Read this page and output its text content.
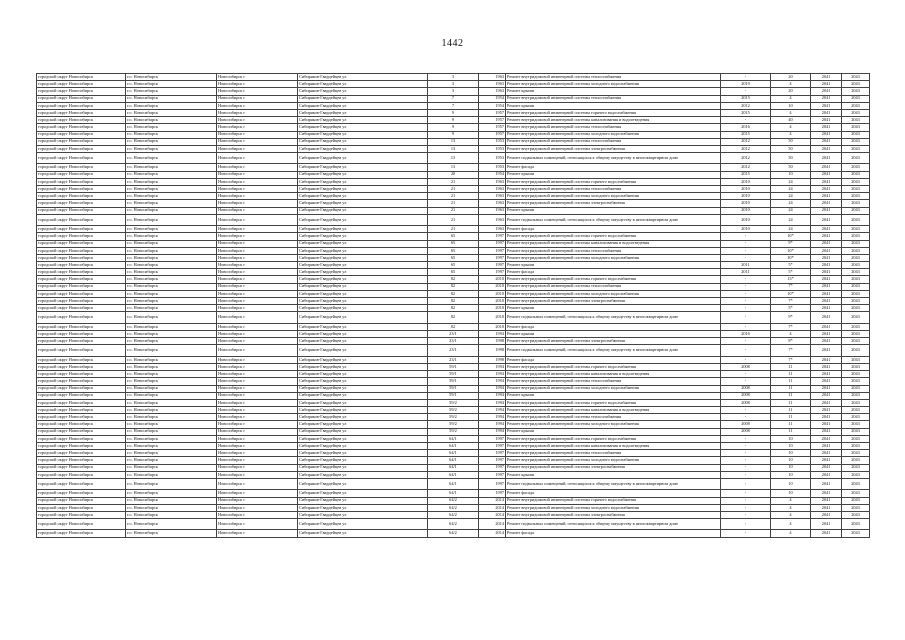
1442
городской округ Новосибирск	г.о. Новосибирск	Новосибирск г	Сибиряков-Гвардейцев ул	3	1963	Ремонт внутридомовой инженерной системы теплоснабжения	-	20	2041	2043
городской округ Новосибирск	г.о. Новосибирск	Новосибирск г	Сибиряков-Гвардейцев ул	3	1963	Ремонт внутридомовой инженерной системы холодного водоснабжения	2019	4	2041	2043
городской округ Новосибирск	г.о. Новосибирск	Новосибирск г	Сибиряков-Гвардейцев ул	3	1963	Ремонт крыши	-	20	2041	2043
городской округ Новосибирск	г.о. Новосибирск	Новосибирск г	Сибиряков-Гвардейцев ул	7	1954	Ремонт внутридомовой инженерной системы теплоснабжения	2015	4	2041	2043
городской округ Новосибирск	г.о. Новосибирск	Новосибирск г	Сибиряков-Гвардейцев ул	7	1954	Ремонт крыши	2012	10	2041	2043
городской округ Новосибирск	г.о. Новосибирск	Новосибирск г	Сибиряков-Гвардейцев ул	9	1957	Ремонт внутридомовой инженерной системы горячего водоснабжения	2015	4	2041	2043
городской округ Новосибирск	г.о. Новосибирск	Новосибирск г	Сибиряков-Гвардейцев ул	9	1957	Ремонт внутридомовой инженерной системы канализования и водоотведения	-	40	2041	2043
городской округ Новосибирск	г.о. Новосибирск	Новосибирск г	Сибиряков-Гвардейцев ул	9	1957	Ремонт внутридомовой инженерной системы теплоснабжения	2016	4	2041	2043
городской округ Новосибирск	г.о. Новосибирск	Новосибирск г	Сибиряков-Гвардейцев ул	9	1957	Ремонт внутридомовой инженерной системы холодного водоснабжения	2015	4	2041	2043
городской округ Новосибирск	г.о. Новосибирск	Новосибирск г	Сибиряков-Гвардейцев ул	13	1953	Ремонт внутридомовой инженерной системы теплоснабжения	2012	50	2041	2043
городской округ Новосибирск	г.о. Новосибирск	Новосибирск г	Сибиряков-Гвардейцев ул	13	1953	Ремонт внутридомовой инженерной системы электроснабжения	2012	50	2041	2043
городской округ Новосибирск	г.о. Новосибирск	Новосибирск г	Сибиряков-Гвардейцев ул	13	1953	Ремонт подвальных помещений, относящихся к общему имуществу в многоквартирном доме	2012	50	2041	2043
городской округ Новосибирск	г.о. Новосибирск	Новосибирск г	Сибиряков-Гвардейцев ул	13	1953	Ремонт фасада	2012	50	2041	2043
городской округ Новосибирск	г.о. Новосибирск	Новосибирск г	Сибиряков-Гвардейцев ул	20	1954	Ремонт крыши	2015	10	2041	2043
городской округ Новосибирск	г.о. Новосибирск	Новосибирск г	Сибиряков-Гвардейцев ул	21	1963	Ремонт внутридомовой инженерной системы горячего водоснабжения	2010	24	2041	2043
городской округ Новосибирск	г.о. Новосибирск	Новосибирск г	Сибиряков-Гвардейцев ул	21	1963	Ремонт внутридомовой инженерной системы теплоснабжения	2010	24	2041	2043
городской округ Новосибирск	г.о. Новосибирск	Новосибирск г	Сибиряков-Гвардейцев ул	21	1963	Ремонт внутридомовой инженерной системы холодного водоснабжения	2010	24	2041	2043
городской округ Новосибирск	г.о. Новосибирск	Новосибирск г	Сибиряков-Гвардейцев ул	21	1963	Ремонт внутридомовой инженерной системы электроснабжения	2010	24	2041	2043
городской округ Новосибирск	г.о. Новосибирск	Новосибирск г	Сибиряков-Гвардейцев ул	21	1963	Ремонт крыши	2010	24	2041	2043
городской округ Новосибирск	г.о. Новосибирск	Новосибирск г	Сибиряков-Гвардейцев ул	21	1963	Ремонт подвальных помещений, относящихся к общему имуществу в многоквартирном доме	2010	24	2041	2043
городской округ Новосибирск	г.о. Новосибирск	Новосибирск г	Сибиряков-Гвардейцев ул	21	1963	Ремонт фасада	2010	24	2041	2043
городской округ Новосибирск	г.о. Новосибирск	Новосибирск г	Сибиряков-Гвардейцев ул	65	1997	Ремонт внутридомовой инженерной системы горячего водоснабжения	-	10*	2041	2043
городской округ Новосибирск	г.о. Новосибирск	Новосибирск г	Сибиряков-Гвардейцев ул	65	1997	Ремонт внутридомовой инженерной системы канализования и водоотведения	-	9*	2041	2043
городской округ Новосибирск	г.о. Новосибирск	Новосибирск г	Сибиряков-Гвардейцев ул	65	1997	Ремонт внутридомовой инженерной системы теплоснабжения	-	10*	2041	2043
городской округ Новосибирск	г.о. Новосибирск	Новосибирск г	Сибиряков-Гвардейцев ул	65	1997	Ремонт внутридомовой инженерной системы холодного водоснабжения	-	10*	2041	2043
городской округ Новосибирск	г.о. Новосибирск	Новосибирск г	Сибиряков-Гвардейцев ул	65	1997	Ремонт крыши	2011	5*	2041	2043
городской округ Новосибирск	г.о. Новосибирск	Новосибирск г	Сибиряков-Гвардейцев ул	65	1997	Ремонт фасада	2011	5*	2041	2043
городской округ Новосибирск	г.о. Новосибирск	Новосибирск г	Сибиряков-Гвардейцев ул	82	2010	Ремонт внутридомовой инженерной системы горячего водоснабжения	-	13*	2041	2043
городской округ Новосибирск	г.о. Новосибирск	Новосибирск г	Сибиряков-Гвардейцев ул	82	2010	Ремонт внутридомовой инженерной системы теплоснабжения	-	7*	2041	2043
городской округ Новосибирск	г.о. Новосибирск	Новосибирск г	Сибиряков-Гвардейцев ул	82	2010	Ремонт внутридомовой инженерной системы холодного водоснабжения	-	10*	2041	2043
городской округ Новосибирск	г.о. Новосибирск	Новосибирск г	Сибиряков-Гвардейцев ул	82	2010	Ремонт внутридомовой инженерной системы электроснабжения	-	7*	2041	2043
городской округ Новосибирск	г.о. Новосибирск	Новосибирск г	Сибиряков-Гвардейцев ул	82	2010	Ремонт крыши	-	5*	2041	2043
городской округ Новосибирск	г.о. Новосибирск	Новосибирск г	Сибиряков-Гвардейцев ул	82	2010	Ремонт подвальных помещений, относящихся к общему имуществу в многоквартирном доме	-	9*	2041	2043
городской округ Новосибирск	г.о. Новосибирск	Новосибирск г	Сибиряков-Гвардейцев ул	82	2010	Ремонт фасада	-	7*	2041	2043
городской округ Новосибирск	г.о. Новосибирск	Новосибирск г	Сибиряков-Гвардейцев ул	23/1	1994	Ремонт крыши	2016	4	2041	2043
городской округ Новосибирск	г.о. Новосибирск	Новосибирск г	Сибиряков-Гвардейцев ул	23/1	1998	Ремонт внутридомовой инженерной системы электроснабжения	-	8*	2041	2043
городской округ Новосибирск	г.о. Новосибирск	Новосибирск г	Сибиряков-Гвардейцев ул	23/1	1998	Ремонт подвальных помещений, относящихся к общему имуществу в многоквартирном доме	-	7*	2041	2043
городской округ Новосибирск	г.о. Новосибирск	Новосибирск г	Сибиряков-Гвардейцев ул	23/1	1998	Ремонт фасада	-	7*	2041	2043
городской округ Новосибирск	г.о. Новосибирск	Новосибирск г	Сибиряков-Гвардейцев ул	59/1	1994	Ремонт внутридомовой инженерной системы горячего водоснабжения	2008	11	2041	2043
городской округ Новосибирск	г.о. Новосибирск	Новосибирск г	Сибиряков-Гвардейцев ул	59/1	1994	Ремонт внутридомовой инженерной системы канализования и водоотведения	-	11	2041	2043
городской округ Новосибирск	г.о. Новосибирск	Новосибирск г	Сибиряков-Гвардейцев ул	59/1	1994	Ремонт внутридомовой инженерной системы теплоснабжения	-	11	2041	2043
городской округ Новосибирск	г.о. Новосибирск	Новосибирск г	Сибиряков-Гвардейцев ул	59/1	1994	Ремонт внутридомовой инженерной системы холодного водоснабжения	2008	11	2041	2043
городской округ Новосибирск	г.о. Новосибирск	Новосибирск г	Сибиряков-Гвардейцев ул	59/1	1994	Ремонт крыши	2008	11	2041	2043
городской округ Новосибирск	г.о. Новосибирск	Новосибирск г	Сибиряков-Гвардейцев ул	59/2	1994	Ремонт внутридомовой инженерной системы горячего водоснабжения	2008	11	2041	2043
городской округ Новосибирск	г.о. Новосибирск	Новосибирск г	Сибиряков-Гвардейцев ул	59/2	1994	Ремонт внутридомовой инженерной системы канализования и водоотведения	-	11	2041	2043
городской округ Новосибирск	г.о. Новосибирск	Новосибирск г	Сибиряков-Гвардейцев ул	59/2	1994	Ремонт внутридомовой инженерной системы теплоснабжения	-	11	2041	2043
городской округ Новосибирск	г.о. Новосибирск	Новосибирск г	Сибиряков-Гвардейцев ул	59/2	1994	Ремонт внутридомовой инженерной системы холодного водоснабжения	2008	11	2041	2043
городской округ Новосибирск	г.о. Новосибирск	Новосибирск г	Сибиряков-Гвардейцев ул	59/2	1994	Ремонт крыши	2008	11	2041	2043
городской округ Новосибирск	г.о. Новосибирск	Новосибирск г	Сибиряков-Гвардейцев ул	64/1	1997	Ремонт внутридомовой инженерной системы горячего водоснабжения	-	10	2041	2043
городской округ Новосибирск	г.о. Новосибирск	Новосибирск г	Сибиряков-Гвардейцев ул	64/1	1997	Ремонт внутридомовой инженерной системы канализования и водоотведения	-	10	2041	2043
городской округ Новосибирск	г.о. Новосибирск	Новосибирск г	Сибиряков-Гвардейцев ул	64/1	1997	Ремонт внутридомовой инженерной системы теплоснабжения	-	10	2041	2043
городской округ Новосибирск	г.о. Новосибирск	Новосибирск г	Сибиряков-Гвардейцев ул	64/1	1997	Ремонт внутридомовой инженерной системы холодного водоснабжения	-	10	2041	2043
городской округ Новосибирск	г.о. Новосибирск	Новосибирск г	Сибиряков-Гвардейцев ул	64/1	1997	Ремонт внутридомовой инженерной системы электроснабжения	-	10	2041	2043
городской округ Новосибирск	г.о. Новосибирск	Новосибирск г	Сибиряков-Гвардейцев ул	64/1	1997	Ремонт крыши	-	10	2041	2043
городской округ Новосибирск	г.о. Новосибирск	Новосибирск г	Сибиряков-Гвардейцев ул	64/1	1997	Ремонт подвальных помещений, относящихся к общему имуществу в многоквартирном доме	-	10	2041	2043
городской округ Новосибирск	г.о. Новосибирск	Новосибирск г	Сибиряков-Гвардейцев ул	64/1	1997	Ремонт фасада	-	10	2041	2043
городской округ Новосибирск	г.о. Новосибирск	Новосибирск г	Сибиряков-Гвардейцев ул	64/2	2014	Ремонт внутридомовой инженерной системы горячего водоснабжения	-	4	2041	2043
городской округ Новосибирск	г.о. Новосибирск	Новосибирск г	Сибиряков-Гвардейцев ул	64/2	2014	Ремонт внутридомовой инженерной системы холодного водоснабжения	-	4	2041	2043
городской округ Новосибирск	г.о. Новосибирск	Новосибирск г	Сибиряков-Гвардейцев ул	64/2	2014	Ремонт внутридомовой инженерной системы электроснабжения	-	4	2041	2043
городской округ Новосибирск	г.о. Новосибирск	Новосибирск г	Сибиряков-Гвардейцев ул	64/2	2014	Ремонт подвальных помещений, относящихся к общему имуществу в многоквартирном доме	-	4	2041	2043
городской округ Новосибирск	г.о. Новосибирск	Новосибирск г	Сибиряков-Гвардейцев ул	64/2	2014	Ремонт фасада	-	4	2041	2043
